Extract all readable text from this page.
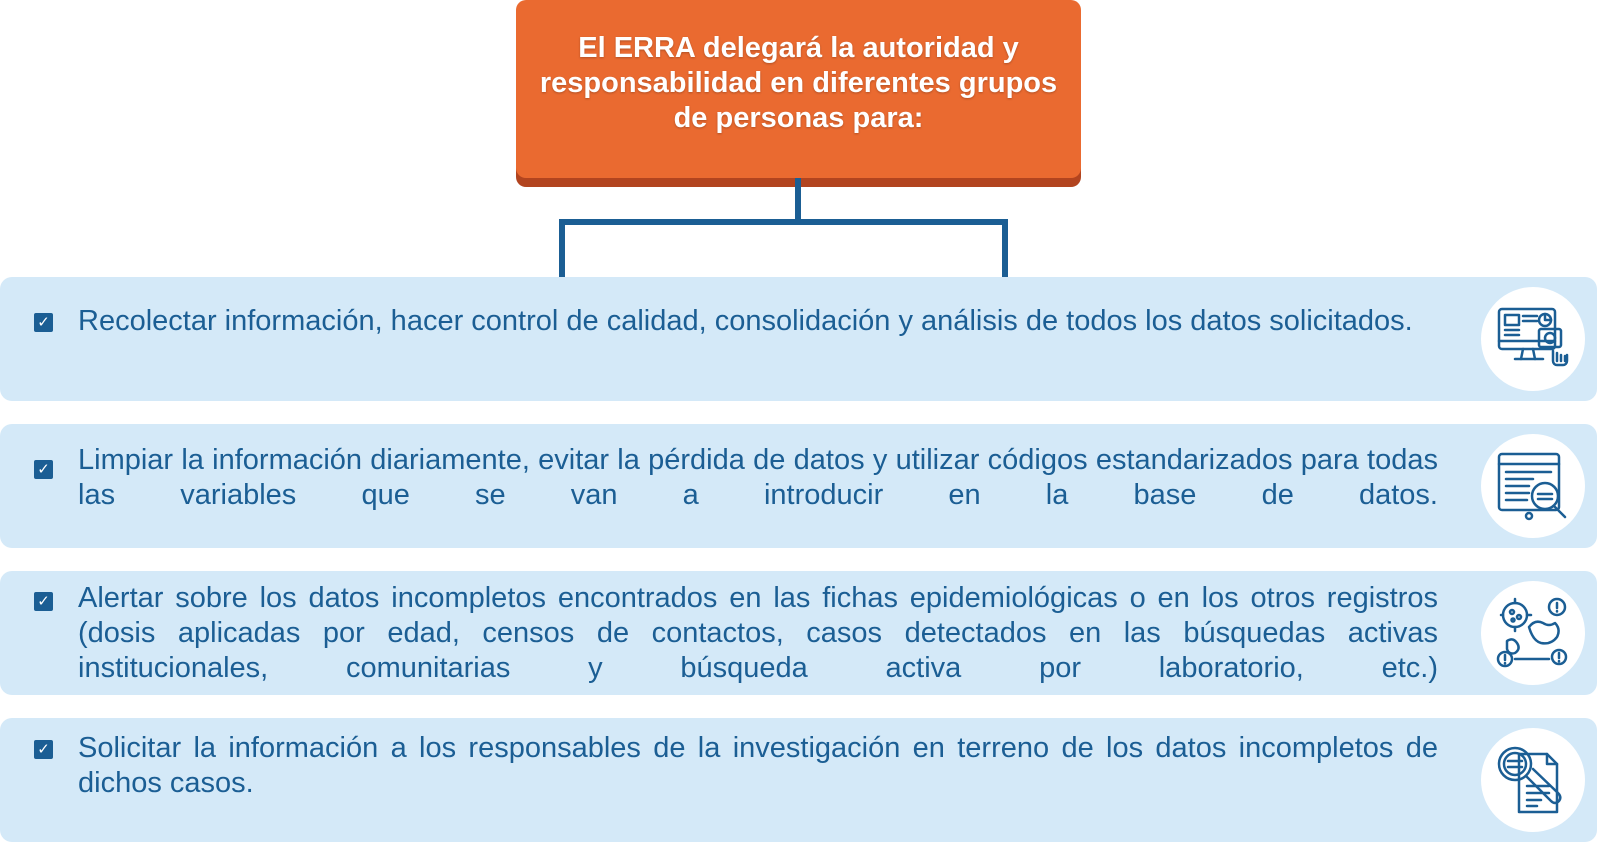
El ERRA delegará la autoridad y responsabilidad en diferentes grupos de personas para:

✓ Recolectar información, hacer control de calidad, consolidación y análisis de todos los datos solicitados.

✓ Limpiar la información diariamente, evitar la pérdida de datos y utilizar códigos estandarizados para todas las variables que se van a introducir en la base de datos.

✓ Alertar sobre los datos incompletos encontrados en las fichas epidemiológicas o en los otros registros (dosis aplicadas por edad, censos de contactos, casos detectados en las búsquedas activas institucionales, comunitarias y búsqueda activa por laboratorio, etc.)

✓ Solicitar la información a los responsables de la investigación en terreno de los datos incompletos de dichos casos.
